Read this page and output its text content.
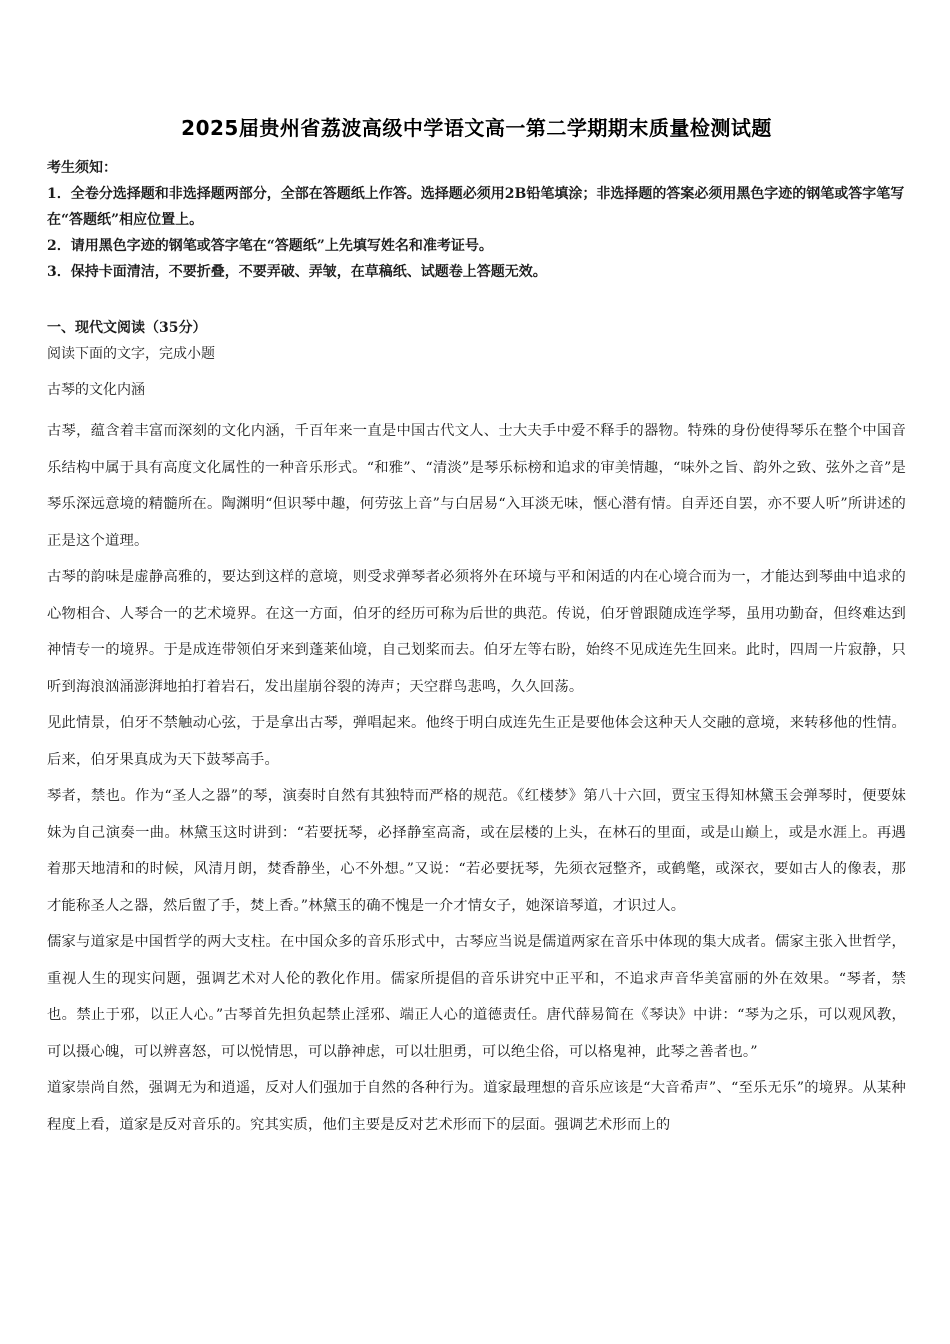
2025届贵州省荔波高级中学语文高一第二学期期末质量检测试题

考生须知：

1．全卷分选择题和非选择题两部分，全部在答题纸上作答。选择题必须用2B铅笔填涂；非选择题的答案必须用黑色字迹的钢笔或答字笔写在“答题纸”相应位置上。

2．请用黑色字迹的钢笔或答字笔在“答题纸”上先填写姓名和准考证号。

3．保持卡面清洁，不要折叠，不要弄破、弄皱，在草稿纸、试题卷上答题无效。

一、现代文阅读（35分）

阅读下面的文字，完成小题

古琴的文化内涵

古琴，蕴含着丰富而深刻的文化内涵，千百年来一直是中国古代文人、士大夫手中爱不释手的器物。特殊的身份使得琴乐在整个中国音乐结构中属于具有高度文化属性的一种音乐形式。“和雅”、“清淡”是琴乐标榜和追求的审美情趣，“味外之旨、韵外之致、弦外之音”是琴乐深远意境的精髓所在。陶渊明“但识琴中趣，何劳弦上音”与白居易“入耳淡无味，惬心潜有情。自弄还自罢，亦不要人听”所讲述的正是这个道理。

古琴的韵味是虚静高雅的，要达到这样的意境，则受求弹琴者必须将外在环境与平和闲适的内在心境合而为一，才能达到琴曲中追求的心物相合、人琴合一的艺术境界。在这一方面，伯牙的经历可称为后世的典范。传说，伯牙曾跟随成连学琴，虽用功勤奋，但终难达到神情专一的境界。于是成连带领伯牙来到蓬莱仙境，自己划桨而去。伯牙左等右盼，始终不见成连先生回来。此时，四周一片寂静，只听到海浪汹涌澎湃地拍打着岩石，发出崖崩谷裂的涛声；天空群鸟悲鸣，久久回荡。

见此情景，伯牙不禁触动心弦，于是拿出古琴，弹唱起来。他终于明白成连先生正是要他体会这种天人交融的意境，来转移他的性情。后来，伯牙果真成为天下鼓琴高手。

琴者，禁也。作为“圣人之器”的琴，演奏时自然有其独特而严格的规范。《红楼梦》第八十六回，贾宝玉得知林黛玉会弹琴时，便要妹妹为自己演奏一曲。林黛玉这时讲到：“若要抚琴，必择静室高斋，或在层楼的上头，在林石的里面，或是山巅上，或是水涯上。再遇着那天地清和的时候，风清月朗，焚香静坐，心不外想。”又说：“若必要抚琴，先须衣冠整齐，或鹤氅，或深衣，要如古人的像表，那才能称圣人之器，然后盥了手，焚上香。”林黛玉的确不愧是一介才情女子，她深谙琴道，才识过人。

儒家与道家是中国哲学的两大支柱。在中国众多的音乐形式中，古琴应当说是儒道两家在音乐中体现的集大成者。儒家主张入世哲学，重视人生的现实问题，强调艺术对人伦的教化作用。儒家所提倡的音乐讲究中正平和，不追求声音华美富丽的外在效果。“琴者，禁也。禁止于邪，以正人心。”古琴首先担负起禁止淫邪、端正人心的道德责任。唐代薛易简在《琴诀》中讲：“琴为之乐，可以观风教，可以摄心魄，可以辨喜怒，可以悦情思，可以静神虑，可以壮胆勇，可以绝尘俗，可以格鬼神，此琴之善者也。”

道家崇尚自然，强调无为和逍遥，反对人们强加于自然的各种行为。道家最理想的音乐应该是“大音希声”、“至乐无乐”的境界。从某种程度上看，道家是反对音乐的。究其实质，他们主要是反对艺术形而下的层面。强调艺术形而上的
